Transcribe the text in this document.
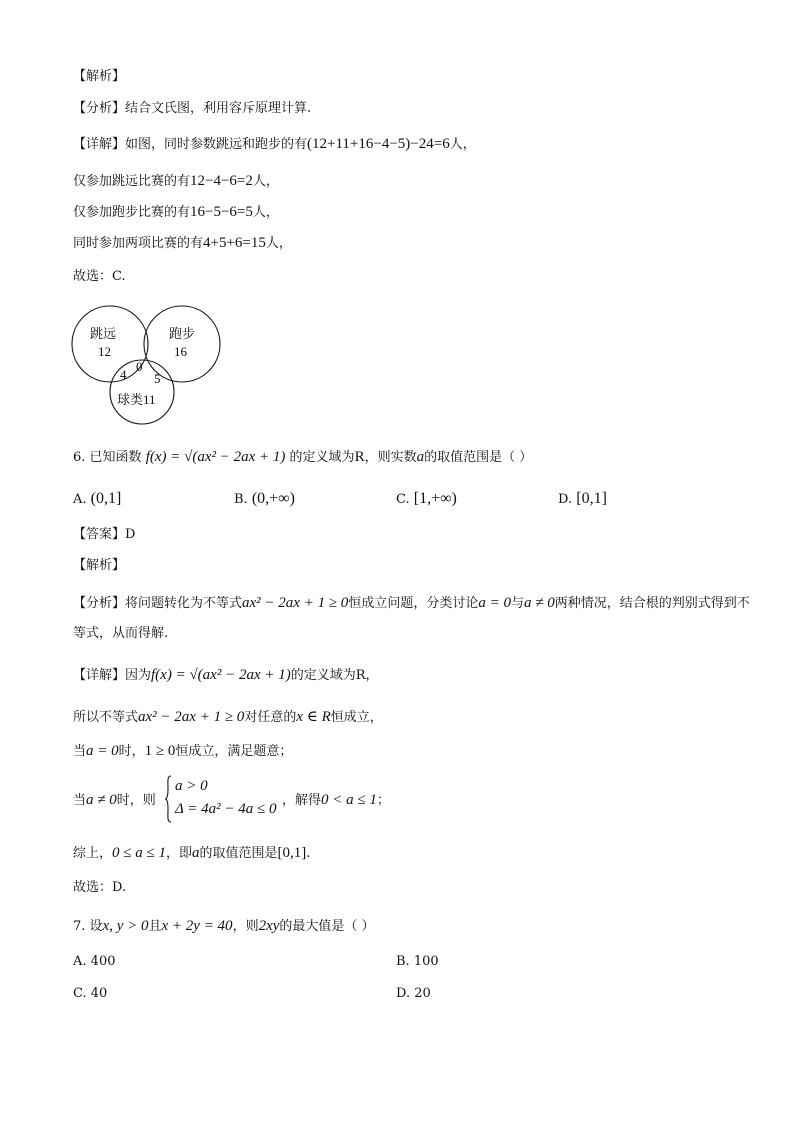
【解析】
【分析】结合文氏图，利用容斥原理计算.
【详解】如图，同时参数跳远和跑步的有(12+11+16−4−5)−24=6人，
仅参加跳远比赛的有12−4−6=2人，
仅参加跑步比赛的有16−5−6=5人，
同时参加两项比赛的有4+5+6=15人，
故选：C.
跳远
12
跑步
16
4
0
5
球类11
6. 已知函数 f(x) = √(ax² − 2ax + 1) 的定义域为R，则实数a的取值范围是（ ）
A. (0,1]	B. (0,+∞)	C. [1,+∞)	D. [0,1]
【答案】D
【解析】
【分析】将问题转化为不等式ax² − 2ax + 1 ≥ 0恒成立问题，分类讨论a = 0与a ≠ 0两种情况，结合根的判别式得到不等式，从而得解.
【详解】因为f(x) = √(ax² − 2ax + 1)的定义域为R，
所以不等式ax² − 2ax + 1 ≥ 0对任意的x ∈ R恒成立，
当a = 0时，1 ≥ 0恒成立，满足题意；
当a ≠ 0时，则
a > 0
Δ = 4a² − 4a ≤ 0
，解得0 < a ≤ 1；
综上，0 ≤ a ≤ 1，即a的取值范围是[0,1].
故选：D.
7. 设x, y > 0且x + 2y = 40，则2xy的最大值是（ ）
A. 400	B. 100
C. 40	D. 20
